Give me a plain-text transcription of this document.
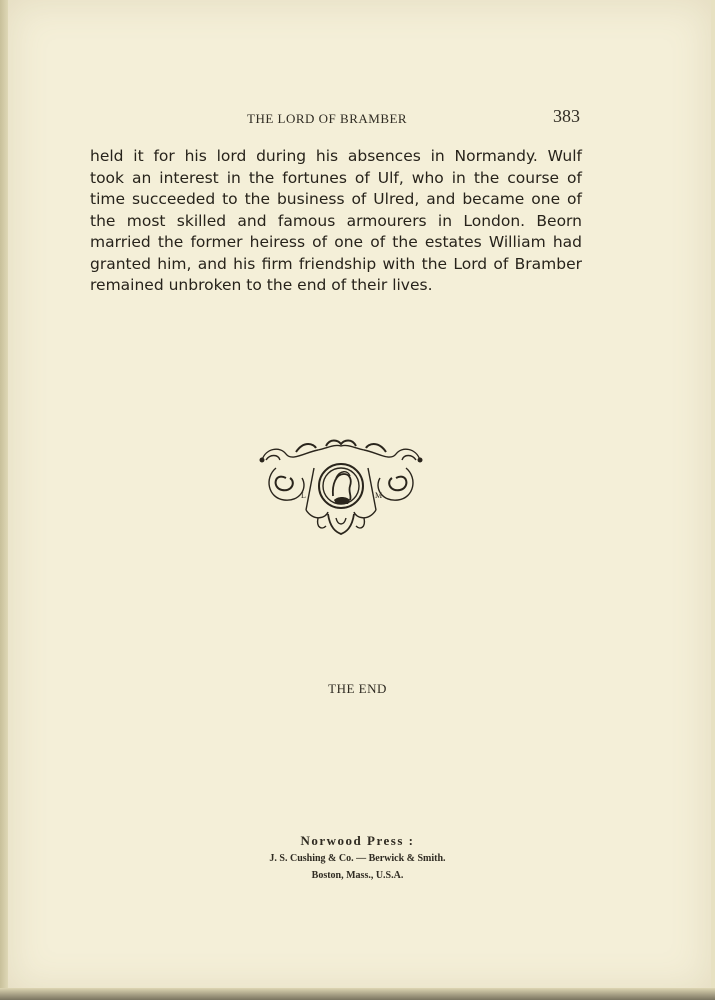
THE LORD OF BRAMBER	383
held it for his lord during his absences in Normandy. Wulf
took an interest in the fortunes of Ulf, who in the course of
time succeeded to the business of Ulred, and became one of
the most skilled and famous armourers in London. Beorn
married the former heiress of one of the estates William had
granted him, and his firm friendship with the Lord of Bramber
remained unbroken to the end of their lives.
L	M
THE END
Norwood Press :
J. S. Cushing & Co. — Berwick & Smith.
Boston, Mass., U.S.A.
